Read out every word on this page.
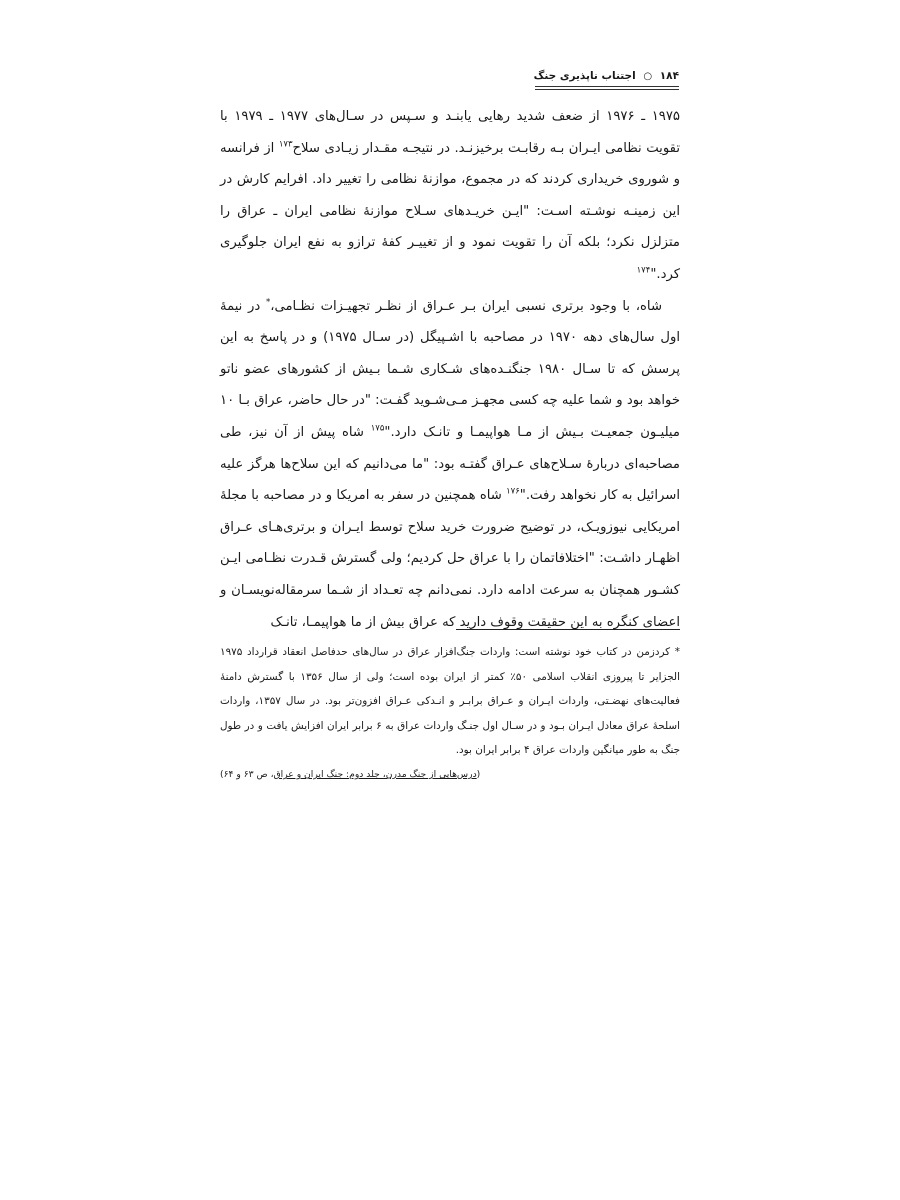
۱۸۴ ○ اجتناب ناپذیری جنگ

۱۹۷۵ ـ ۱۹۷۶ از ضعف شدید رهایی یابنـد و سـپس در سـال‌های ۱۹۷۷ ـ ۱۹۷۹ با تقویت نظامی ایـران بـه رقابـت برخیزنـد. در نتیجـه مقـدار زیـادی سلاح$^{۱۷۳}$ از فرانسه و شوروی خریداری کردند که در مجموع، موازنهٔ نظامی را تغییر داد. افرایم کارش در این زمینـه نوشـته اسـت: "ایـن خریـدهای سـلاح موازنهٔ نظامی ایران ـ عراق را متزلزل نکرد؛ بلکه آن را تقویت نمود و از تغییـر کفهٔ ترازو به نفع ایران جلوگیری کرد."$^{۱۷۴}$

شاه، با وجود برتری نسبی ایران بـر عـراق از نظـر تجهیـزات نظـامی،* در نیمهٔ اول سال‌های دهه ۱۹۷۰ در مصاحبه با اشـپیگل (در سـال ۱۹۷۵) و در پاسخ به این پرسش که تا سـال ۱۹۸۰ جنگنـده‌های شـکاری شـما بـیش از کشورهای عضو ناتو خواهد بود و شما علیه چه کسی مجهـز مـی‌شـوید گفـت: "در حال حاضر، عراق بـا ۱۰ میلیـون جمعیـت بـیش از مـا هواپیمـا و تانـک دارد."$^{۱۷۵}$ شاه پیش از آن نیز، طی مصاحبه‌ای دربارهٔ سـلاح‌های عـراق گفتـه بود: "ما می‌دانیم که این سلاح‌ها هرگز علیه اسرائیل به کار نخواهد رفت."$^{۱۷۶}$ شاه همچنین در سفر به امریکا و در مصاحبه با مجلهٔ امریکایی نیوزویـک، در توضیح ضرورت خرید سلاح توسط ایـران و برتری‌هـای عـراق اظهـار داشـت: "اختلافاتمان را با عراق حل کردیم؛ ولی گسترش قـدرت نظـامی ایـن کشـور همچنان به سرعت ادامه دارد. نمی‌دانم چه تعـداد از شـما سرمقاله‌نویسـان و اعضای کنگره به این حقیقت وقوف دارید که عراق بیش از ما هواپیمـا، تانـک

* کردزمن در کتاب خود نوشته است: واردات جنگ‌افزار عراق در سال‌های حدفاصل انعقاد قرارداد ۱۹۷۵ الجزایر تا پیروزی انقلاب اسلامی ۵۰٪ کمتر از ایران بوده است؛ ولی از سال ۱۳۵۶ با گسترش دامنهٔ فعالیت‌های نهضـتی، واردات ایـران و عـراق برابـر و انـدکی عـراق افزون‌تر بود. در سال ۱۳۵۷، واردات اسلحهٔ عراق معادل ایـران بـود و در سـال اول جنـگ واردات عراق به ۶ برابر ایران افزایش یافت و در طول جنگ به طور میانگین واردات عراق ۴ برابر ایران بود.
(درس‌هایی از جنگ مدرن، جلد دوم: جنگ ایران و عراق، ص ۶۳ و ۶۴)
